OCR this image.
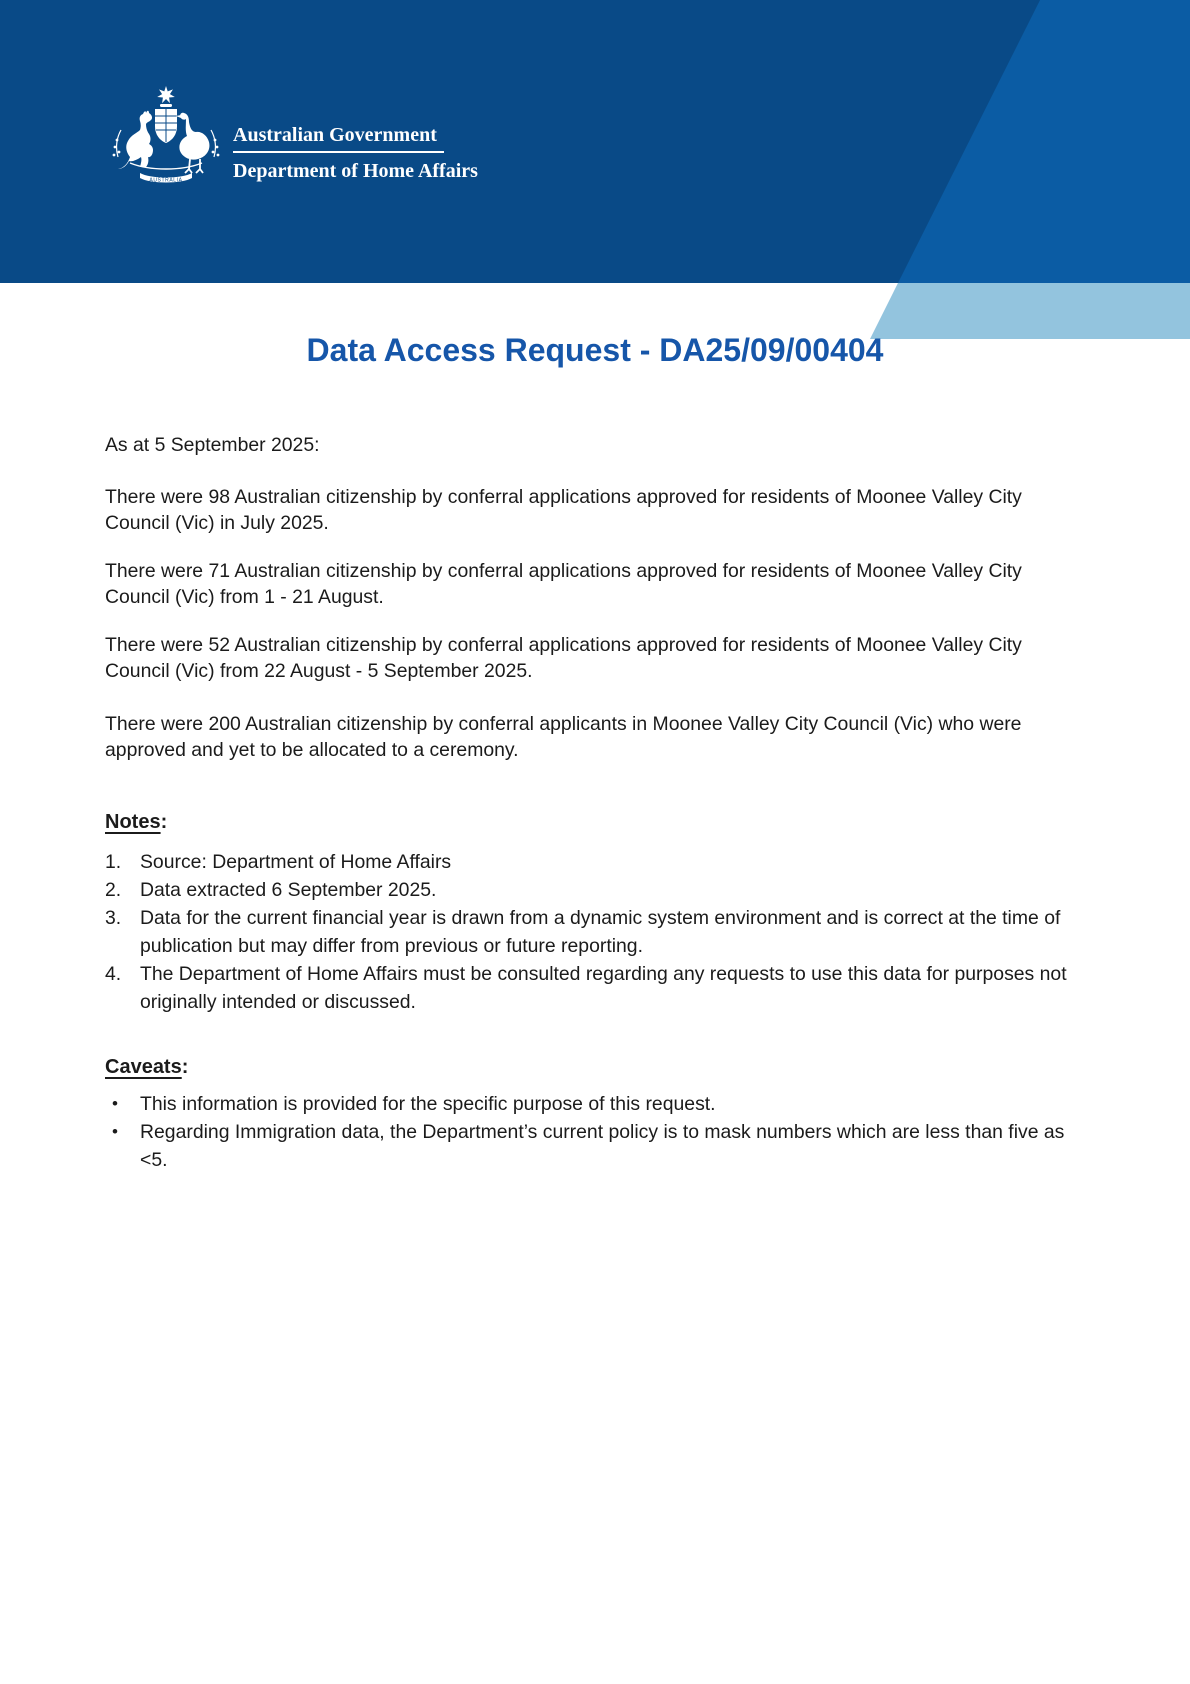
AUSTRALIA
Australian Government
Department of Home Affairs
Data Access Request - DA25/09/00404
As at 5 September 2025:
There were 98 Australian citizenship by conferral applications approved for residents of Moonee Valley City Council (Vic) in July 2025.
There were 71 Australian citizenship by conferral applications approved for residents of Moonee Valley City Council (Vic) from 1 - 21 August.
There were 52 Australian citizenship by conferral applications approved for residents of Moonee Valley City Council (Vic) from 22 August - 5 September 2025.
There were 200 Australian citizenship by conferral applicants in Moonee Valley City Council (Vic) who were approved and yet to be allocated to a ceremony.
Notes:
1. Source: Department of Home Affairs
2. Data extracted 6 September 2025.
3. Data for the current financial year is drawn from a dynamic system environment and is correct at the time of publication but may differ from previous or future reporting.
4. The Department of Home Affairs must be consulted regarding any requests to use this data for purposes not originally intended or discussed.
Caveats:
•	This information is provided for the specific purpose of this request.
•	Regarding Immigration data, the Department’s current policy is to mask numbers which are less than five as <5.
